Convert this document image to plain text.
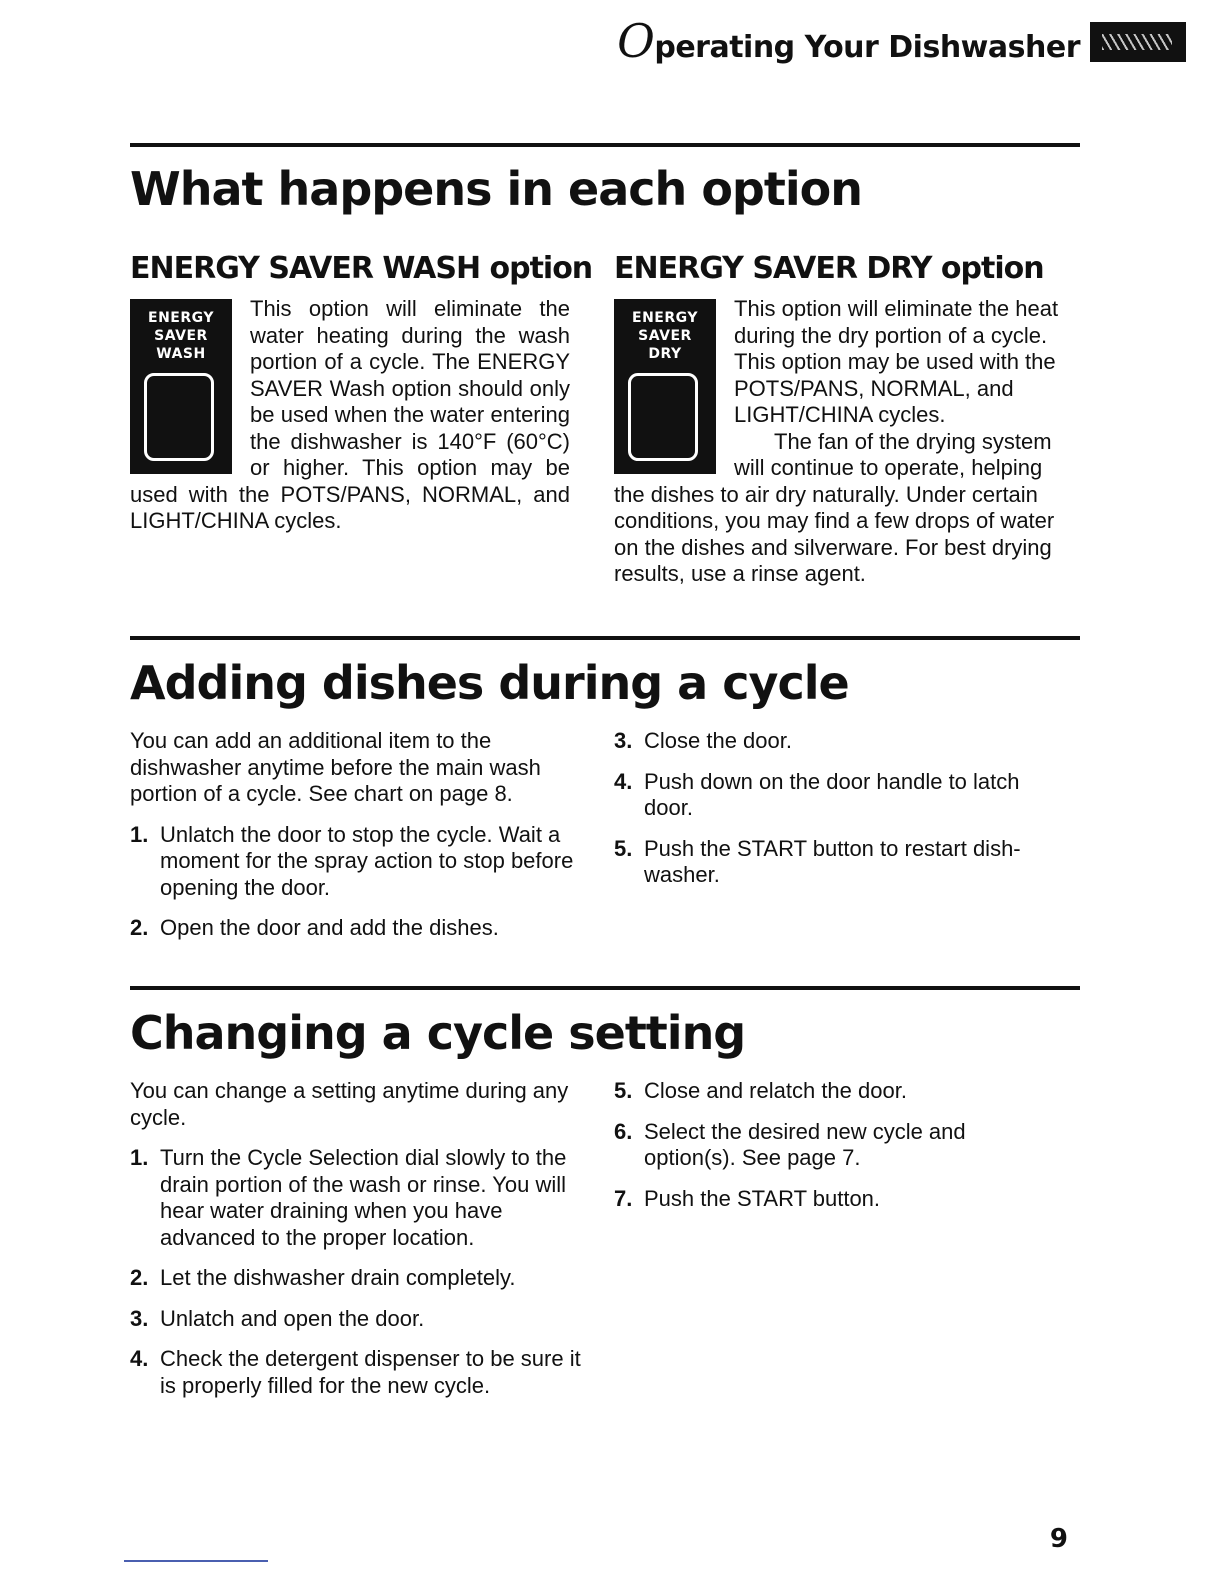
Operating Your Dishwasher
What happens in each option
ENERGY SAVER WASH option
ENERGY
SAVER
WASH

This option will eliminate the water heating during the wash portion of a cycle. The ENERGY SAVER Wash option should only be used when the water entering the dishwasher is 140°F (60°C) or higher. This option may be used with the POTS/PANS, NORMAL, and LIGHT/CHINA cycles.

ENERGY SAVER DRY option
ENERGY
SAVER
DRY

This option will eliminate the heat during the dry portion of a cycle. This option may be used with the POTS/PANS, NORMAL, and LIGHT/CHINA cycles.

The fan of the drying system will continue to operate, helping the dishes to air dry naturally. Under certain conditions, you may find a few drops of water on the dishes and silverware. For best drying results, use a rinse agent.

Adding dishes during a cycle

You can add an additional item to the dishwasher anytime before the main wash portion of a cycle. See chart on page 8.

1. Unlatch the door to stop the cycle. Wait a moment for the spray action to stop before opening the door.
2. Open the door and add the dishes.
3. Close the door.
4. Push down on the door handle to latch door.
5. Push the START button to restart dish-washer.
Changing a cycle setting

You can change a setting anytime during any cycle.

1. Turn the Cycle Selection dial slowly to the drain portion of the wash or rinse. You will hear water draining when you have advanced to the proper location.
2. Let the dishwasher drain completely.
3. Unlatch and open the door.
4. Check the detergent dispenser to be sure it is properly filled for the new cycle.
5. Close and relatch the door.
6. Select the desired new cycle and option(s). See page 7.
7. Push the START button.
9
